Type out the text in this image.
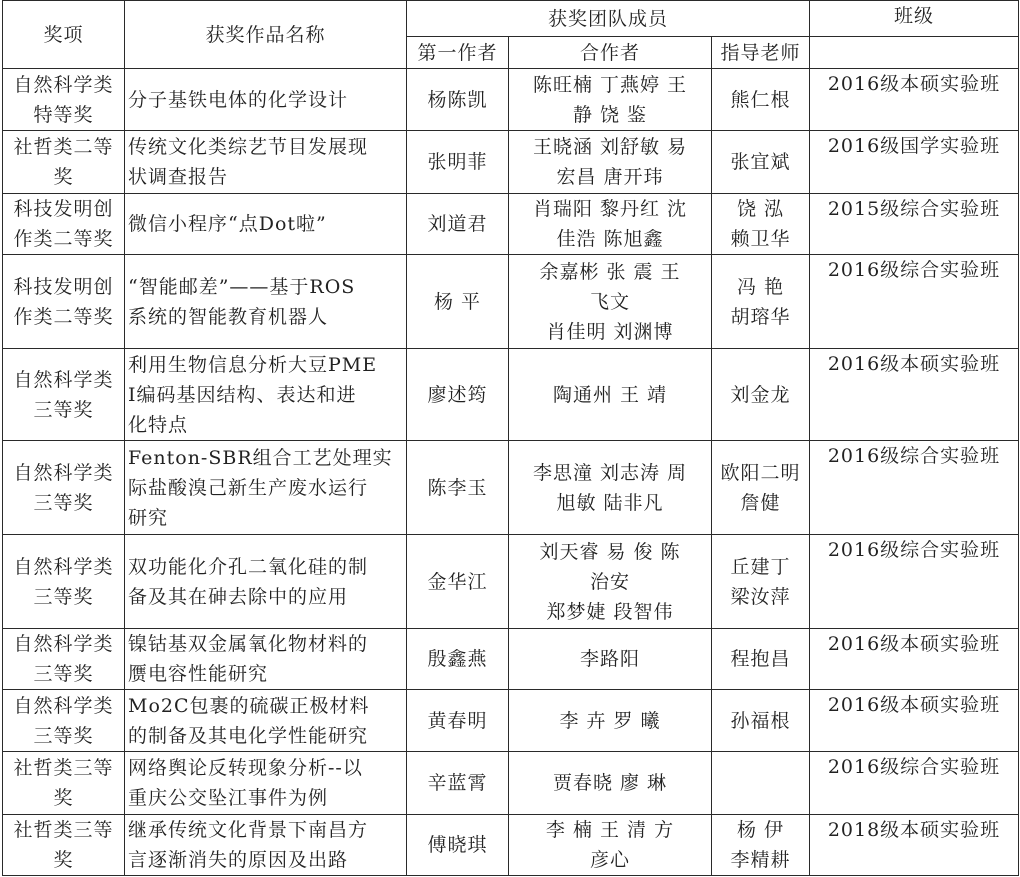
奖项	获奖作品名称	获奖团队成员			班级
		第一作者	合作者	指导老师	

自然科学类
特等奖	分子基铁电体的化学设计	杨陈凯	陈旺楠 丁燕婷 王
静 饶 鉴	熊仁根	2016级本硕实验班

社哲类二等
奖	传统文化类综艺节目发展现
状调查报告	张明菲	王晓涵 刘舒敏 易
宏昌 唐开玮	张宜斌	2016级国学实验班

科技发明创
作类二等奖	微信小程序“点Dot啦”	刘道君	肖瑞阳 黎丹红 沈
佳浩 陈旭鑫	饶 泓
赖卫华	2015级综合实验班

科技发明创
作类二等奖	“智能邮差”——基于ROS
系统的智能教育机器人	杨 平	余嘉彬 张 震 王
飞文
肖佳明 刘渊博	冯 艳
胡瑢华	2016级综合实验班

自然科学类
三等奖	利用生物信息分析大豆PME
I编码基因结构、表达和进
化特点	廖述筠	陶通州 王 靖	刘金龙	2016级本硕实验班

自然科学类
三等奖	Fenton-SBR组合工艺处理实
际盐酸溴己新生产废水运行
研究	陈李玉	李思潼 刘志涛 周
旭敏 陆非凡	欧阳二明
詹健	2016级综合实验班

自然科学类
三等奖	双功能化介孔二氧化硅的制
备及其在砷去除中的应用	金华江	刘天睿 易 俊 陈
治安
郑梦婕 段智伟	丘建丁
梁汝萍	2016级综合实验班

自然科学类
三等奖	镍钴基双金属氧化物材料的
赝电容性能研究	殷鑫燕	李路阳	程抱昌	2016级本硕实验班

自然科学类
三等奖	Mo2C包裹的硫碳正极材料
的制备及其电化学性能研究	黄春明	李 卉 罗 曦	孙福根	2016级本硕实验班

社哲类三等
奖	网络舆论反转现象分析--以
重庆公交坠江事件为例	辛蓝霄	贾春晓 廖 琳		2016级综合实验班

社哲类三等
奖	继承传统文化背景下南昌方
言逐渐消失的原因及出路	傅晓琪	李 楠 王 清 方
彦心	杨 伊
李精耕	2018级本硕实验班
